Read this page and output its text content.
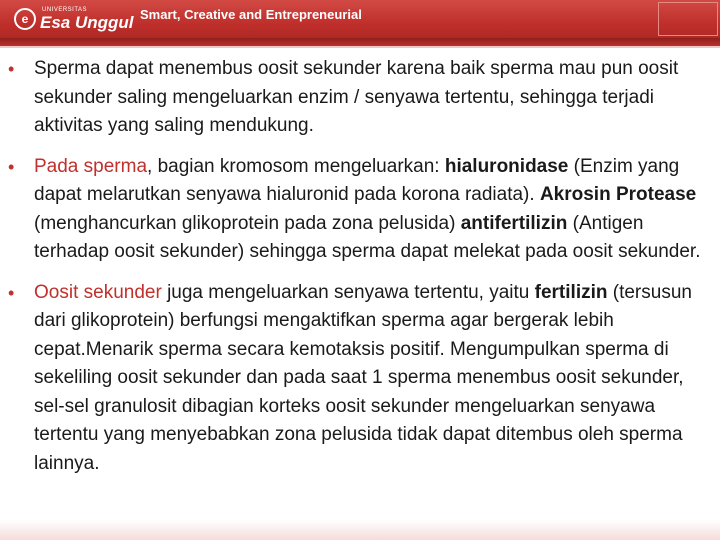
e
UNIVERSITAS
Esa Unggul Smart, Creative and Entrepreneurial
•	Sperma dapat menembus oosit sekunder karena baik sperma mau pun oosit sekunder saling mengeluarkan enzim / senyawa tertentu, sehingga terjadi aktivitas yang saling mendukung.
•	Pada sperma, bagian kromosom mengeluarkan: hialuronidase (Enzim yang dapat melarutkan senyawa hialuronid pada korona radiata). Akrosin Protease (menghancurkan glikoprotein pada zona pelusida) antifertilizin (Antigen terhadap oosit sekunder) sehingga sperma dapat melekat pada oosit sekunder.
•	Oosit sekunder juga mengeluarkan senyawa tertentu, yaitu fertilizin (tersusun dari glikoprotein) berfungsi mengaktifkan sperma agar bergerak lebih cepat.Menarik sperma secara kemotaksis positif. Mengumpulkan sperma di sekeliling oosit sekunder dan pada saat 1 sperma menembus oosit sekunder, sel-sel granulosit dibagian korteks oosit sekunder mengeluarkan senyawa tertentu yang menyebabkan zona pelusida tidak dapat ditembus oleh sperma lainnya.
